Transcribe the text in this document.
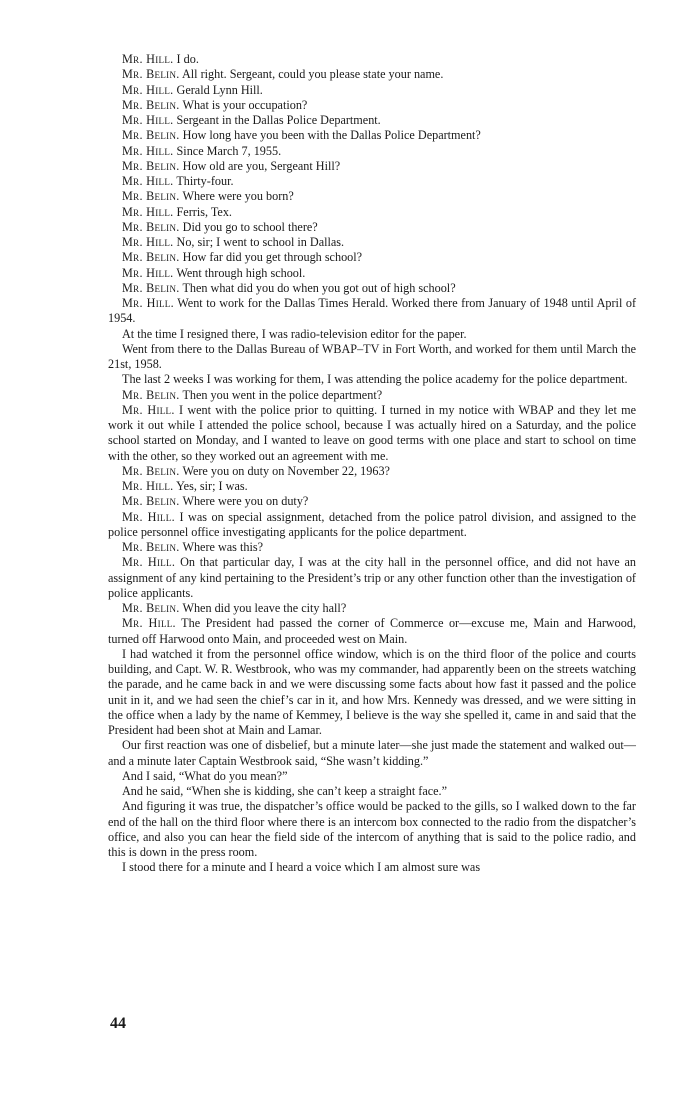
Mr. Hill. I do.

Mr. Belin. All right. Sergeant, could you please state your name.

Mr. Hill. Gerald Lynn Hill.

Mr. Belin. What is your occupation?

Mr. Hill. Sergeant in the Dallas Police Department.

Mr. Belin. How long have you been with the Dallas Police Department?

Mr. Hill. Since March 7, 1955.

Mr. Belin. How old are you, Sergeant Hill?

Mr. Hill. Thirty-four.

Mr. Belin. Where were you born?

Mr. Hill. Ferris, Tex.

Mr. Belin. Did you go to school there?

Mr. Hill. No, sir; I went to school in Dallas.

Mr. Belin. How far did you get through school?

Mr. Hill. Went through high school.

Mr. Belin. Then what did you do when you got out of high school?

Mr. Hill. Went to work for the Dallas Times Herald. Worked there from January of 1948 until April of 1954.

At the time I resigned there, I was radio-television editor for the paper.

Went from there to the Dallas Bureau of WBAP–TV in Fort Worth, and worked for them until March the 21st, 1958.

The last 2 weeks I was working for them, I was attending the police academy for the police department.

Mr. Belin. Then you went in the police department?

Mr. Hill. I went with the police prior to quitting. I turned in my notice with WBAP and they let me work it out while I attended the police school, because I was actually hired on a Saturday, and the police school started on Monday, and I wanted to leave on good terms with one place and start to school on time with the other, so they worked out an agreement with me.

Mr. Belin. Were you on duty on November 22, 1963?

Mr. Hill. Yes, sir; I was.

Mr. Belin. Where were you on duty?

Mr. Hill. I was on special assignment, detached from the police patrol division, and assigned to the police personnel office investigating applicants for the police department.

Mr. Belin. Where was this?

Mr. Hill. On that particular day, I was at the city hall in the personnel office, and did not have an assignment of any kind pertaining to the President’s trip or any other function other than the investigation of police applicants.

Mr. Belin. When did you leave the city hall?

Mr. Hill. The President had passed the corner of Commerce or—excuse me, Main and Harwood, turned off Harwood onto Main, and proceeded west on Main.

I had watched it from the personnel office window, which is on the third floor of the police and courts building, and Capt. W. R. Westbrook, who was my commander, had apparently been on the streets watching the parade, and he came back in and we were discussing some facts about how fast it passed and the police unit in it, and we had seen the chief’s car in it, and how Mrs. Kennedy was dressed, and we were sitting in the office when a lady by the name of Kemmey, I believe is the way she spelled it, came in and said that the President had been shot at Main and Lamar.

Our first reaction was one of disbelief, but a minute later—she just made the statement and walked out—and a minute later Captain Westbrook said, “She wasn’t kidding.”

And I said, “What do you mean?”

And he said, “When she is kidding, she can’t keep a straight face.”

And figuring it was true, the dispatcher’s office would be packed to the gills, so I walked down to the far end of the hall on the third floor where there is an intercom box connected to the radio from the dispatcher’s office, and also you can hear the field side of the intercom of anything that is said to the police radio, and this is down in the press room.

I stood there for a minute and I heard a voice which I am almost sure was

44
